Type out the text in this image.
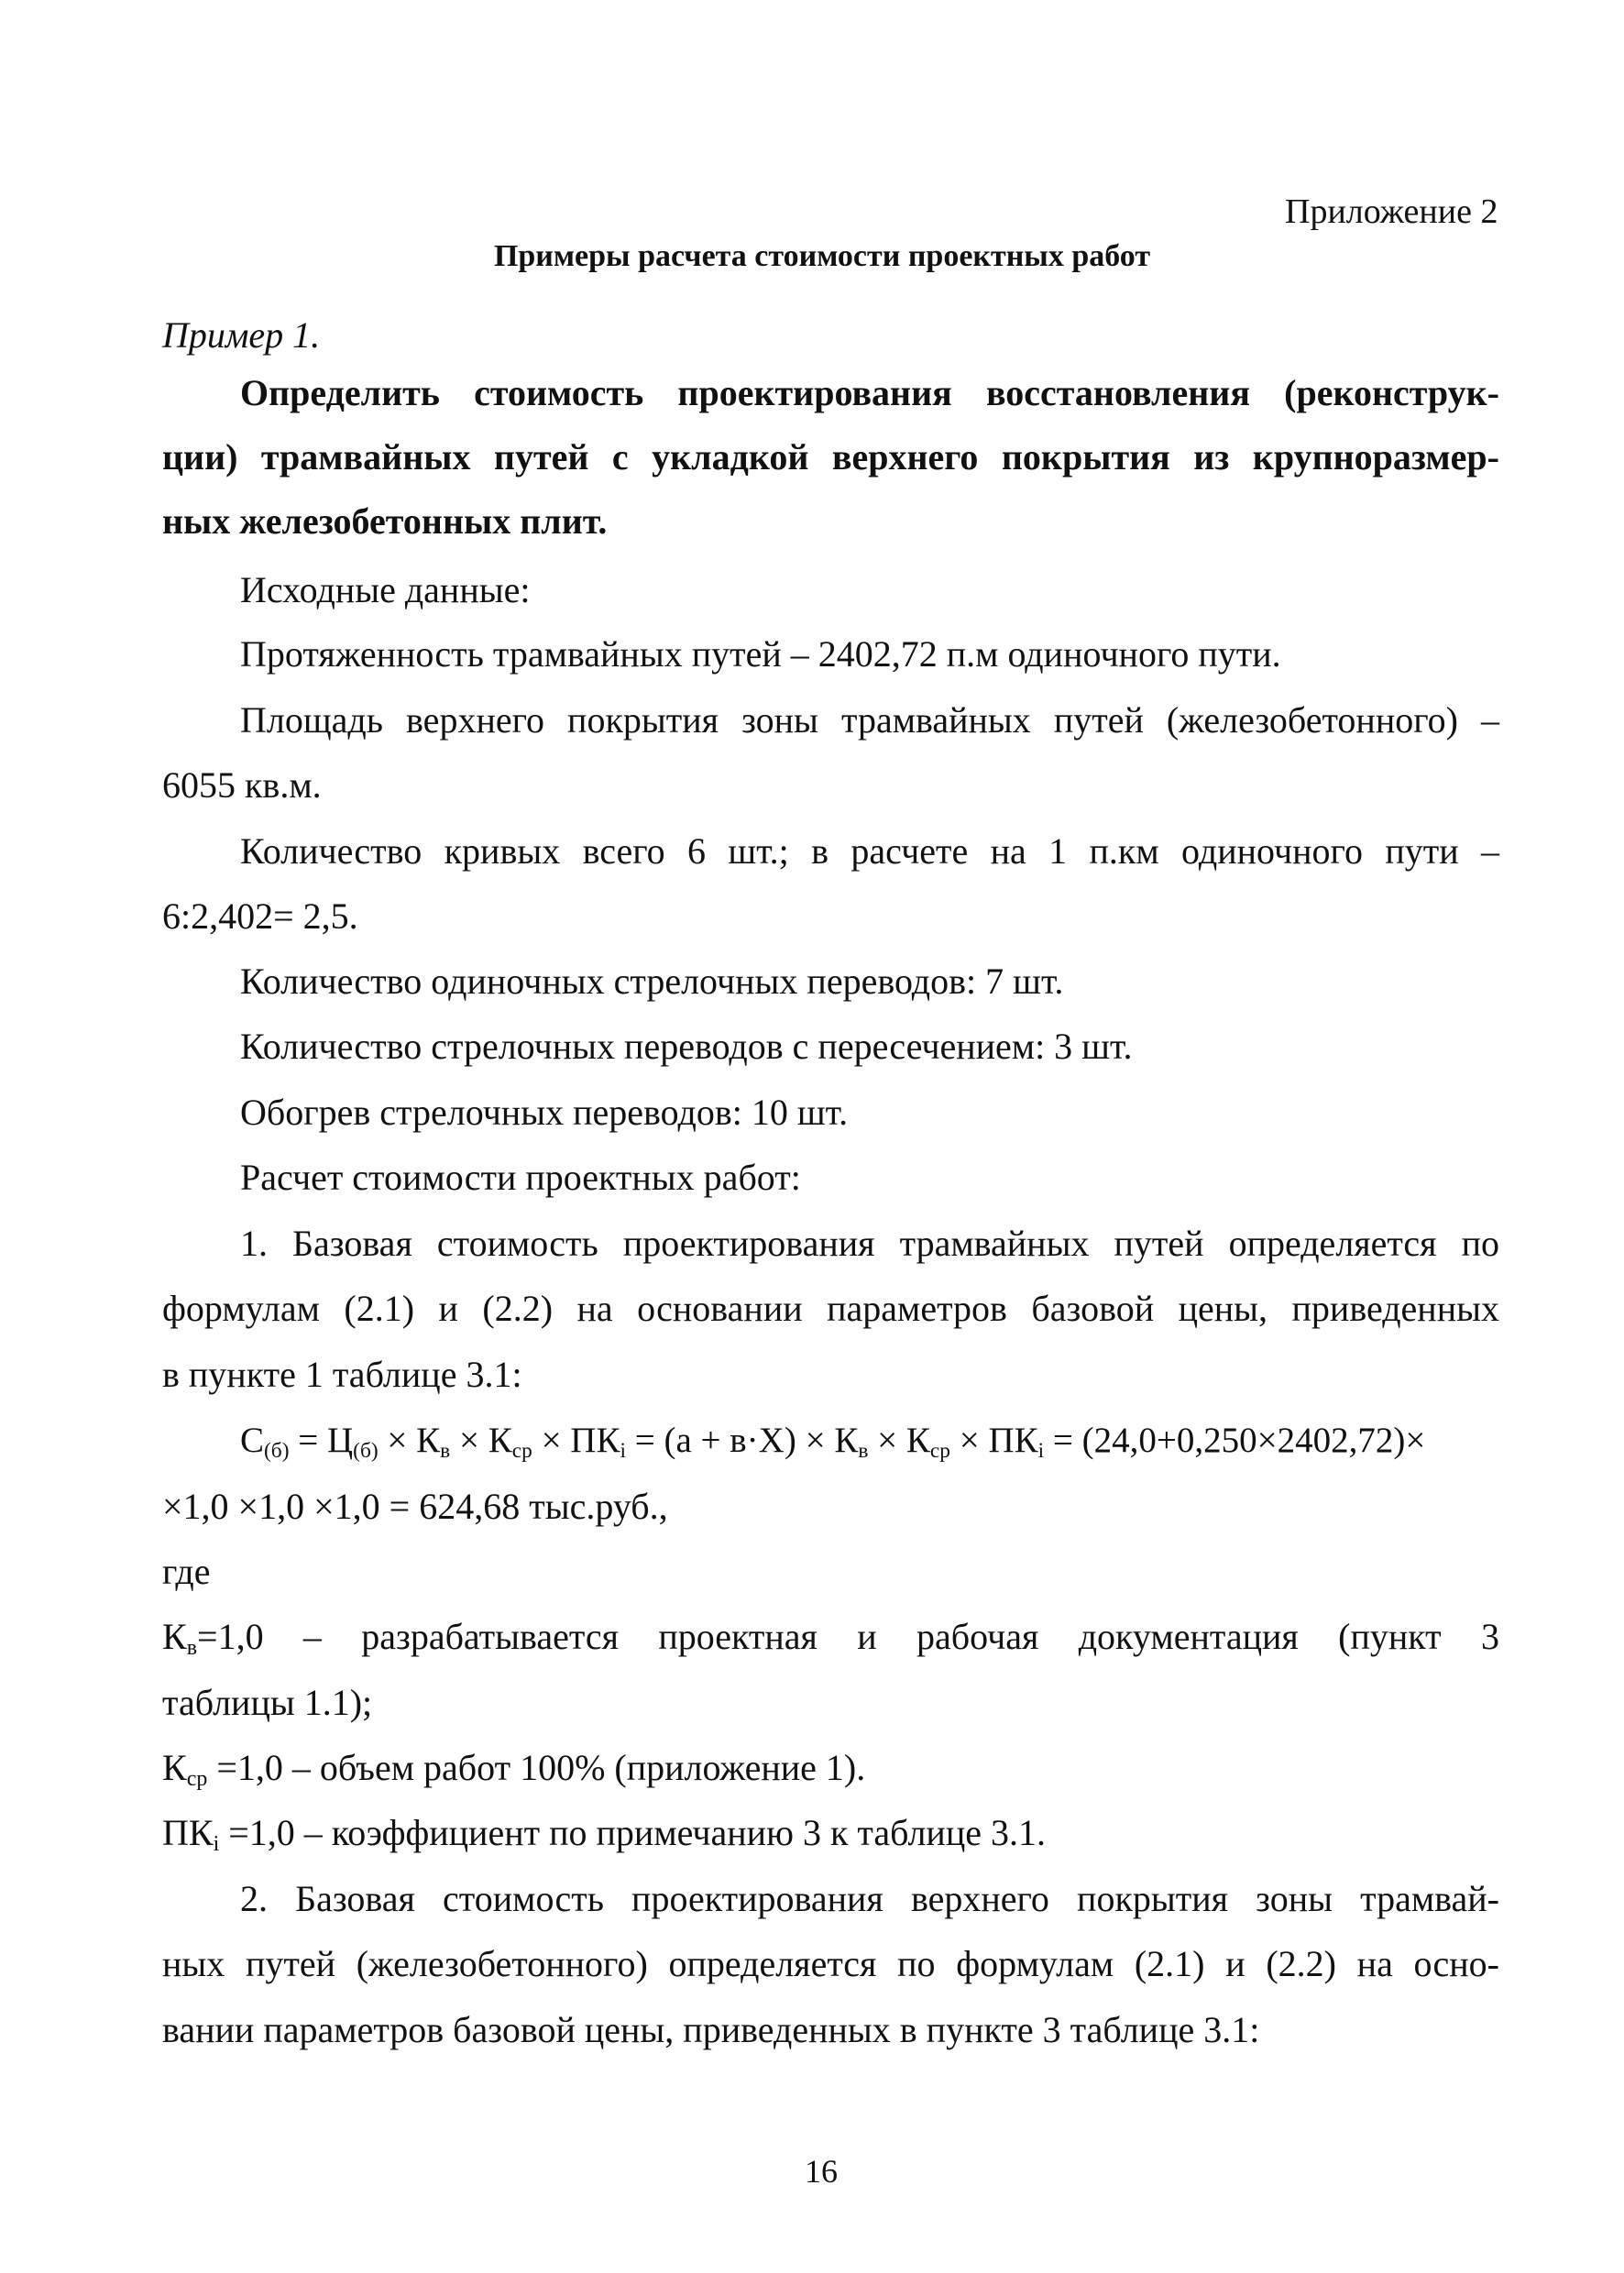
Приложение 2
Примеры расчета стоимости проектных работ
Пример 1.
Определить стоимость проектирования восстановления (реконструк-
ции) трамвайных путей с укладкой верхнего покрытия из крупноразмер-
ных железобетонных плит.
Исходные данные:
Протяженность трамвайных путей – 2402,72 п.м одиночного пути.
Площадь верхнего покрытия зоны трамвайных путей (железобетонного) –
6055 кв.м.
Количество кривых всего 6 шт.; в расчете на 1 п.км одиночного пути –
6:2,402= 2,5.
Количество одиночных стрелочных переводов: 7 шт.
Количество стрелочных переводов с пересечением: 3 шт.
Обогрев стрелочных переводов: 10 шт.
Расчет стоимости проектных работ:
1. Базовая стоимость проектирования трамвайных путей определяется по
формулам (2.1) и (2.2) на основании параметров базовой цены, приведенных
в пункте 1 таблице 3.1:
$С_{(б)} = Ц_{(б)} \times К_в \times К_{ср} \times ПК_i = (а + в\cdot Х) \times К_в \times К_{ср} \times ПК_i = (24,0+0,250\times 2402,72)\times$
×1,0 ×1,0 ×1,0 = 624,68 тыс.руб.,
где
$К_в=1,0$ – разрабатывается проектная и рабочая документация (пункт 3
таблицы 1.1);
$К_{ср} =1,0$ – объем работ 100% (приложение 1).
$ПК_i =1,0$ – коэффициент по примечанию 3 к таблице 3.1.
2. Базовая стоимость проектирования верхнего покрытия зоны трамвай-
ных путей (железобетонного) определяется по формулам (2.1) и (2.2) на осно-
вании параметров базовой цены, приведенных в пункте 3 таблице 3.1:
16
